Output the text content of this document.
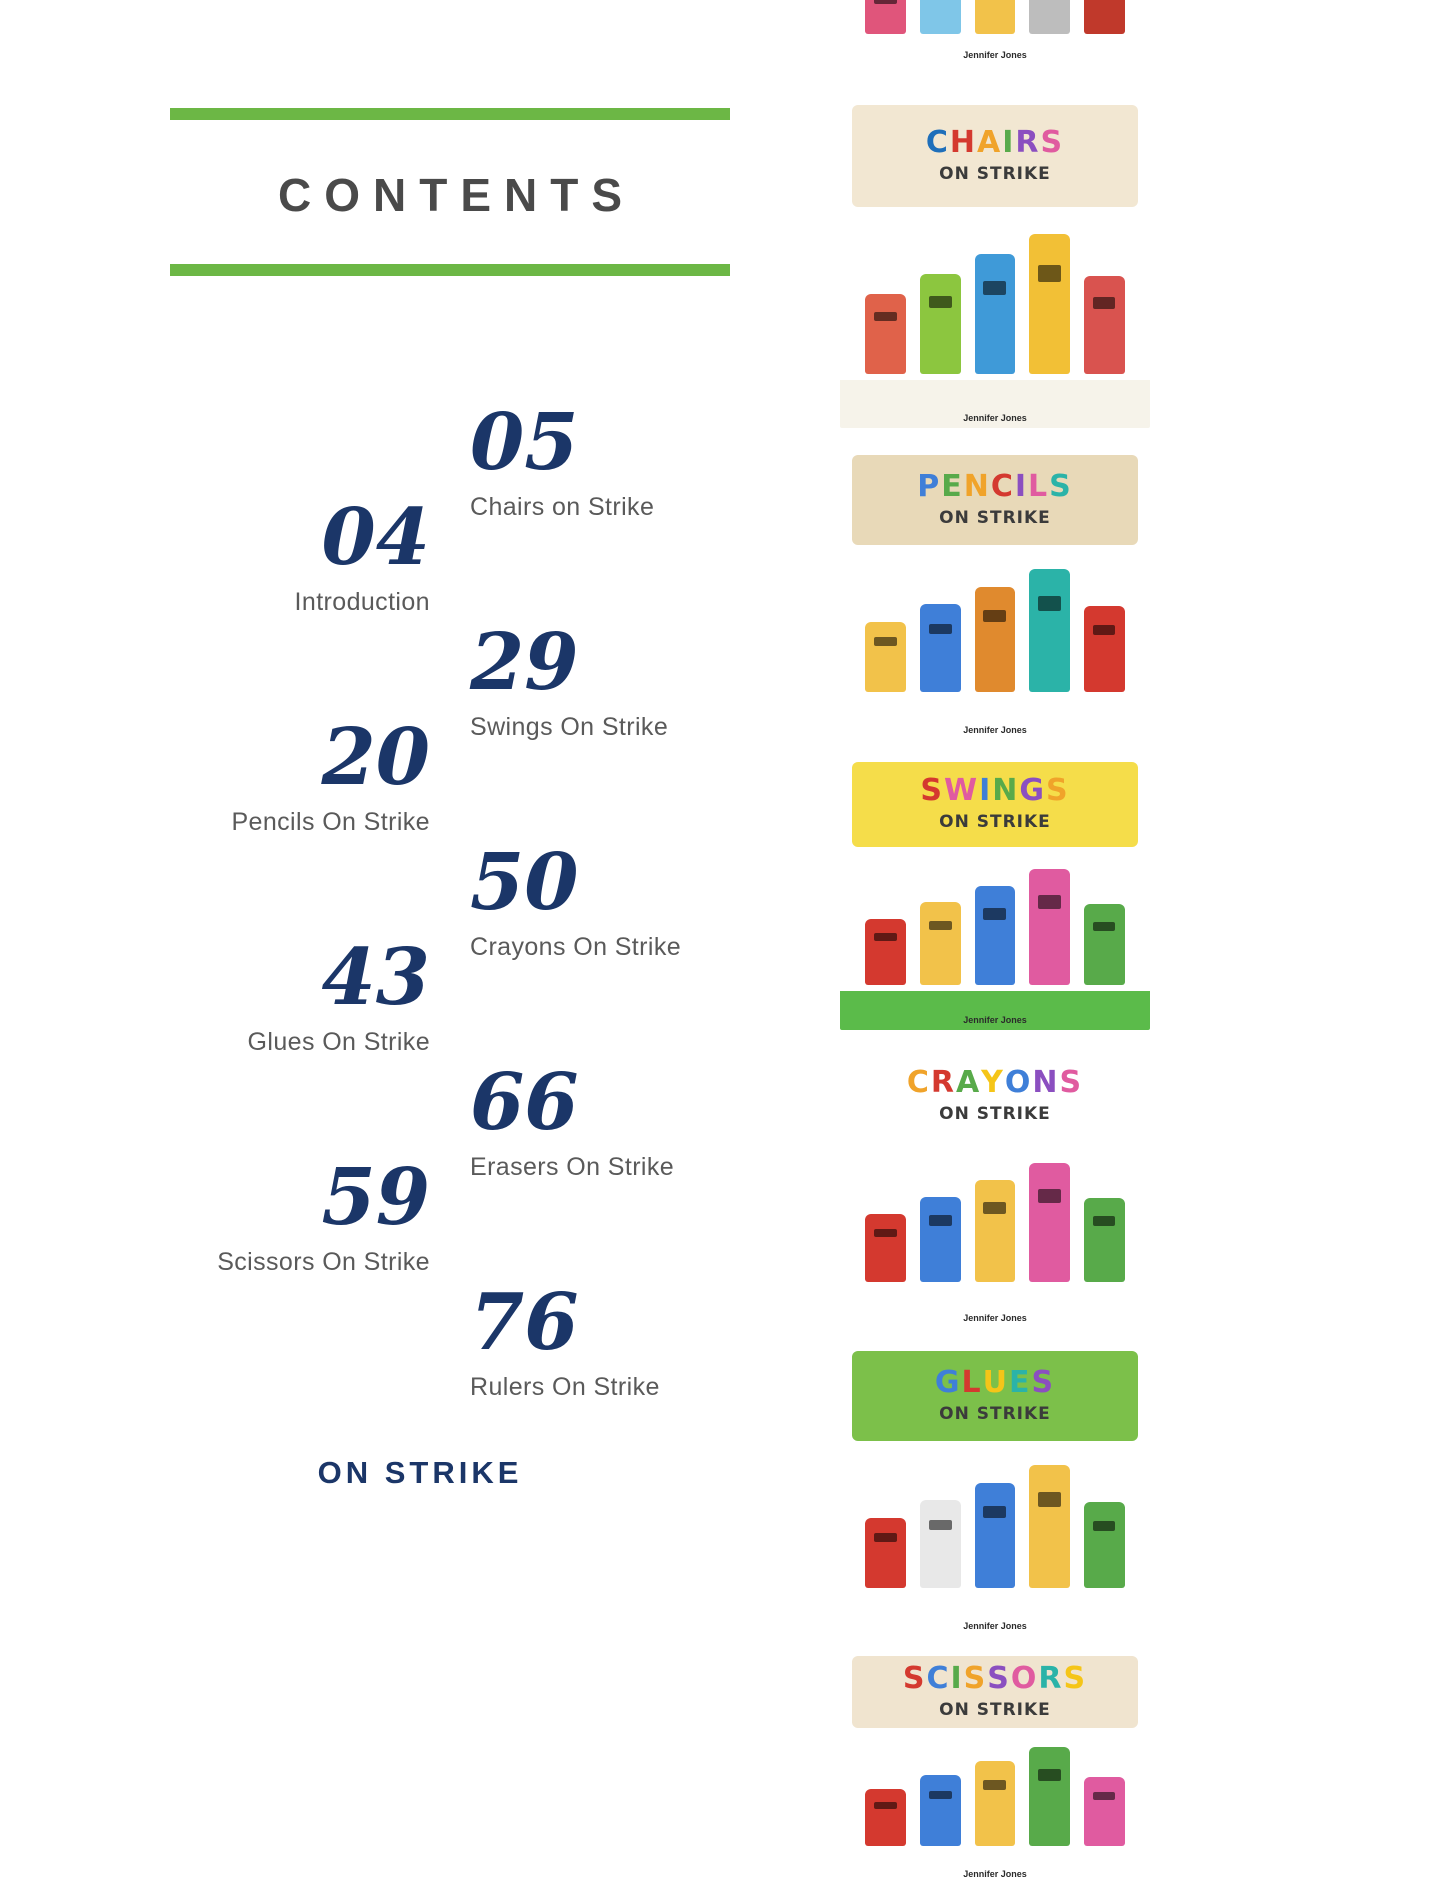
CONTENTS
04
Introduction
05
Chairs on Strike
20
Pencils On Strike
29
Swings On Strike
43
Glues On Strike
50
Crayons On Strike
59
Scissors On Strike
66
Erasers On Strike
76
Rulers On Strike
ON STRIKE
Jennifer Jones
CHAIRS
ON STRIKE
Jennifer Jones
PENCILS
ON STRIKE
Jennifer Jones
SWINGS
ON STRIKE
Jennifer Jones
CRAYONS
ON STRIKE
Jennifer Jones
GLUES
ON STRIKE
Jennifer Jones
SCISSORS
ON STRIKE
Jennifer Jones
